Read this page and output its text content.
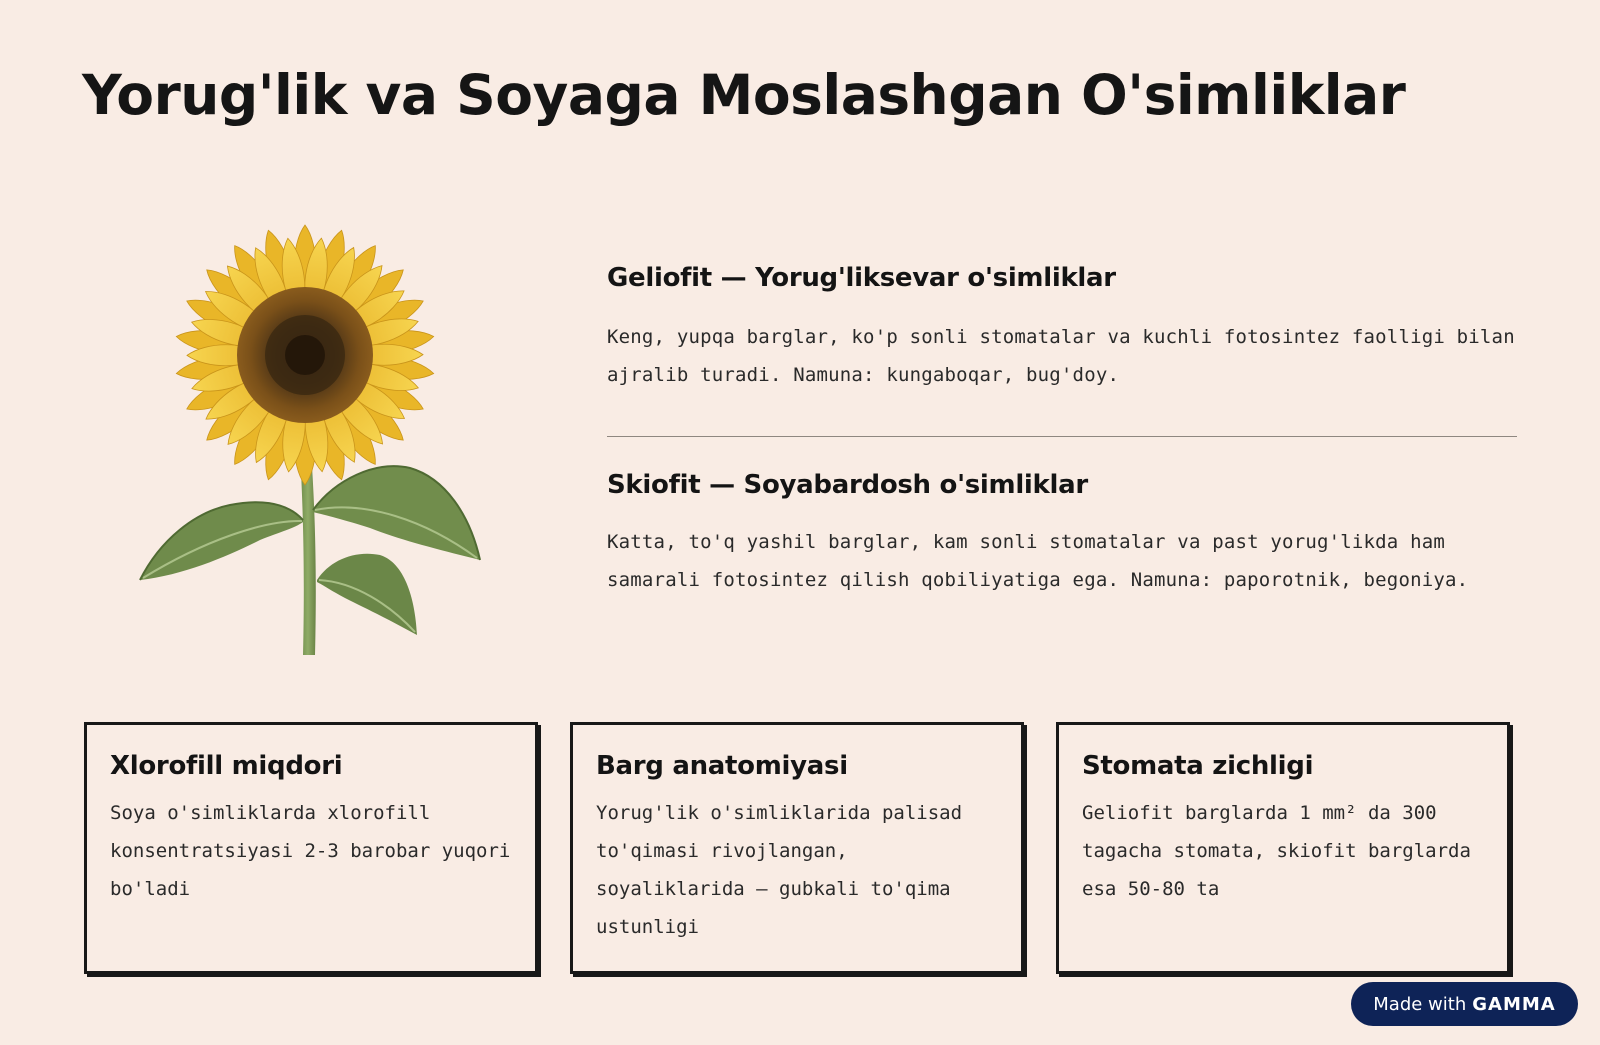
Yorug'lik va Soyaga Moslashgan O'simliklar
Geliofit — Yorug'liksevar o'simliklar

Keng, yupqa barglar, ko'p sonli stomatalar va kuchli fotosintez faolligi bilan ajralib turadi. Namuna: kungaboqar, bug'doy.

Skiofit — Soyabardosh o'simliklar

Katta, to'q yashil barglar, kam sonli stomatalar va past yorug'likda ham samarali fotosintez qilish qobiliyatiga ega. Namuna: paporotnik, begoniya.

Xlorofill miqdori

Soya o'simliklarda xlorofill konsentratsiyasi 2-3 barobar yuqori bo'ladi

Barg anatomiyasi

Yorug'lik o'simliklarida palisad to'qimasi rivojlangan, soyaliklarida — gubkali to'qima ustunligi

Stomata zichligi

Geliofit barglarda 1 mm² da 300 tagacha stomata, skiofit barglarda esa 50-80 ta

Made with GAMMA
